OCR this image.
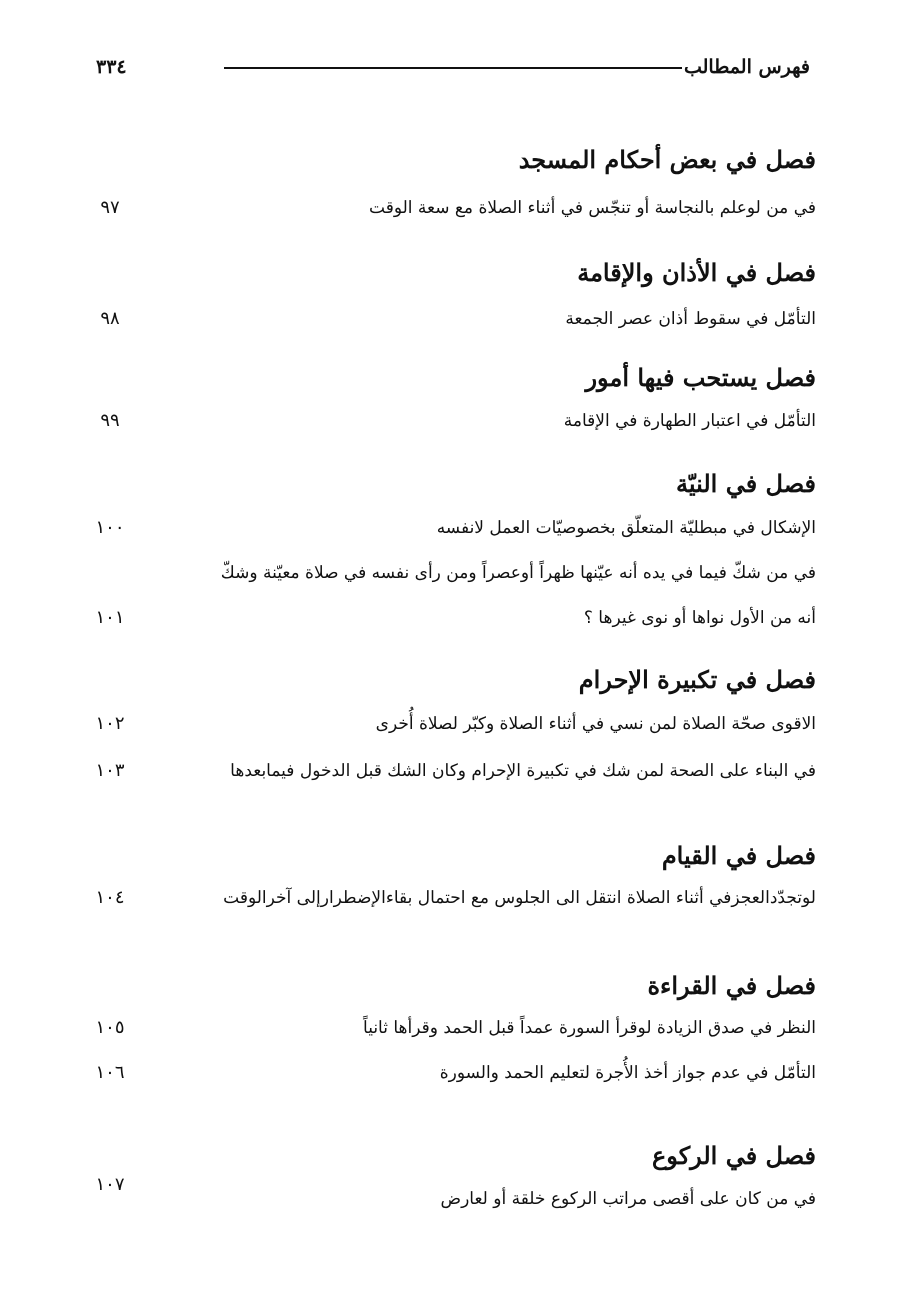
فهرس المطالب
٣٣٤
فصل في بعض أحكام المسجد
في من لوعلم بالنجاسة أو تنجّس في أثناء الصلاة مع سعة الوقت
٩٧
فصل في الأذان والإقامة
التأمّل في سقوط أذان عصر الجمعة
٩٨
فصل يستحب فيها أمور
التأمّل في اعتبار الطهارة في الإقامة
٩٩
فصل في النيّة
الإشكال في مبطليّة المتعلّق بخصوصيّات العمل لانفسه
١٠٠
في من شكّ فيما في يده أنه عيّنها ظهراً أوعصراً ومن رأى نفسه في صلاة معيّنة وشكّ
أنه من الأول نواها أو نوى غيرها ؟
١٠١
فصل في تكبيرة الإحرام
الاقوى صحّة الصلاة لمن نسي في أثناء الصلاة وكبّر لصلاة أُخرى
١٠٢
في البناء على الصحة لمن شك في تكبيرة الإحرام وكان الشك قبل الدخول فيمابعدها
١٠٣
فصل في القيام
لوتجدّدالعجزفي أثناء الصلاة انتقل الى الجلوس مع احتمال بقاءالإضطرارإلى آخرالوقت
١٠٤
فصل في القراءة
النظر في صدق الزيادة لوقرأ السورة عمداً قبل الحمد وقرأها ثانياً
١٠٥
التأمّل في عدم جواز أخذ الأُجرة لتعليم الحمد والسورة
١٠٦
فصل في الركوع
في من كان على أقصى مراتب الركوع خلقة أو لعارض
١٠٧
